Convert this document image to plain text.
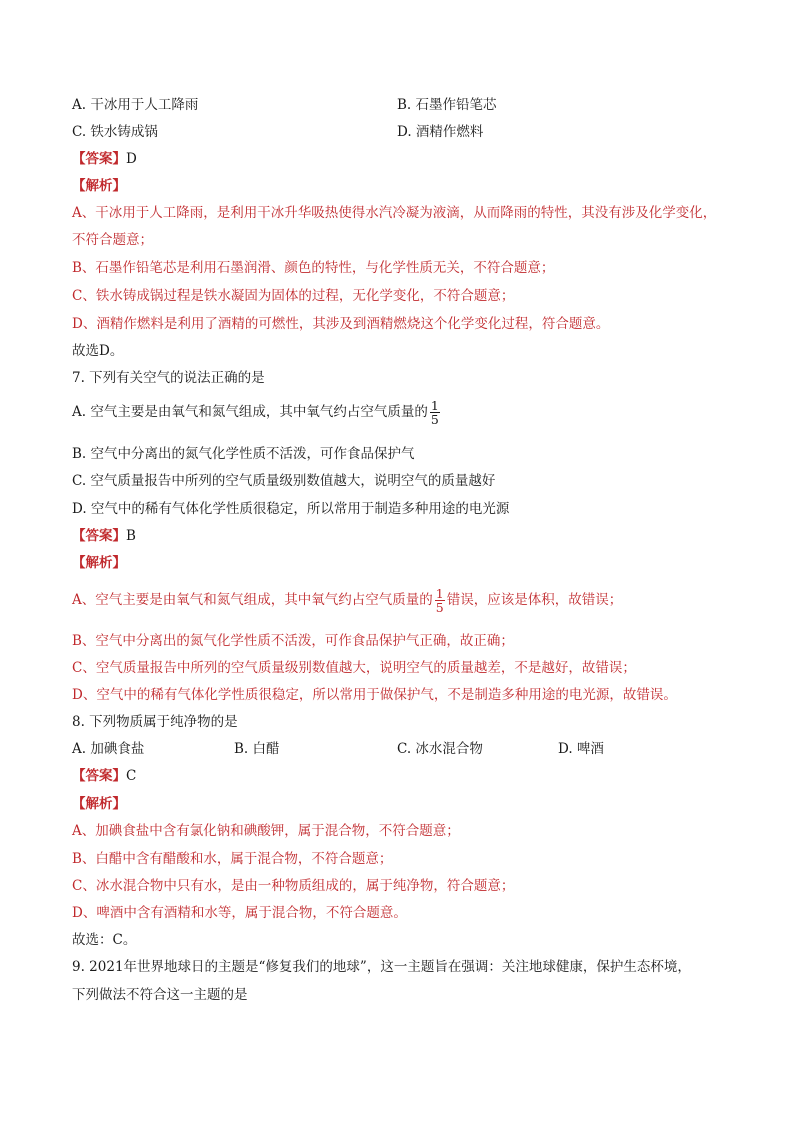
A. 干冰用于人工降雨	B. 石墨作铅笔芯
C. 铁水铸成锅	D. 酒精作燃料
【答案】D
【解析】
A、干冰用于人工降雨，是利用干冰升华吸热使得水汽冷凝为液滴，从而降雨的特性，其没有涉及化学变化，
不符合题意；
B、石墨作铅笔芯是利用石墨润滑、颜色的特性，与化学性质无关，不符合题意；
C、铁水铸成锅过程是铁水凝固为固体的过程，无化学变化，不符合题意；
D、酒精作燃料是利用了酒精的可燃性，其涉及到酒精燃烧这个化学变化过程，符合题意。
故选D。
7. 下列有关空气的说法正确的是
A. 空气主要是由氧气和氮气组成，其中氧气约占空气质量的 $\frac{1}{5}$
B. 空气中分离出的氮气化学性质不活泼，可作食品保护气
C. 空气质量报告中所列的空气质量级别数值越大，说明空气的质量越好
D. 空气中的稀有气体化学性质很稳定，所以常用于制造多种用途的电光源
【答案】B
【解析】
A、空气主要是由氧气和氮气组成，其中氧气约占空气质量的 $\frac{1}{5}$ 错误，应该是体积，故错误；
B、空气中分离出的氮气化学性质不活泼，可作食品保护气正确，故正确；
C、空气质量报告中所列的空气质量级别数值越大，说明空气的质量越差，不是越好，故错误；
D、空气中的稀有气体化学性质很稳定，所以常用于做保护气，不是制造多种用途的电光源，故错误。
8. 下列物质属于纯净物的是
A. 加碘食盐	B. 白醋	C. 冰水混合物	D. 啤酒
【答案】C
【解析】
A、加碘食盐中含有氯化钠和碘酸钾，属于混合物，不符合题意；
B、白醋中含有醋酸和水，属于混合物，不符合题意；
C、冰水混合物中只有水，是由一种物质组成的，属于纯净物，符合题意；
D、啤酒中含有酒精和水等，属于混合物，不符合题意。
故选：C。
9. 2021年世界地球日的主题是“修复我们的地球”，这一主题旨在强调：关注地球健康，保护生态杯境，
下列做法不符合这一主题的是
